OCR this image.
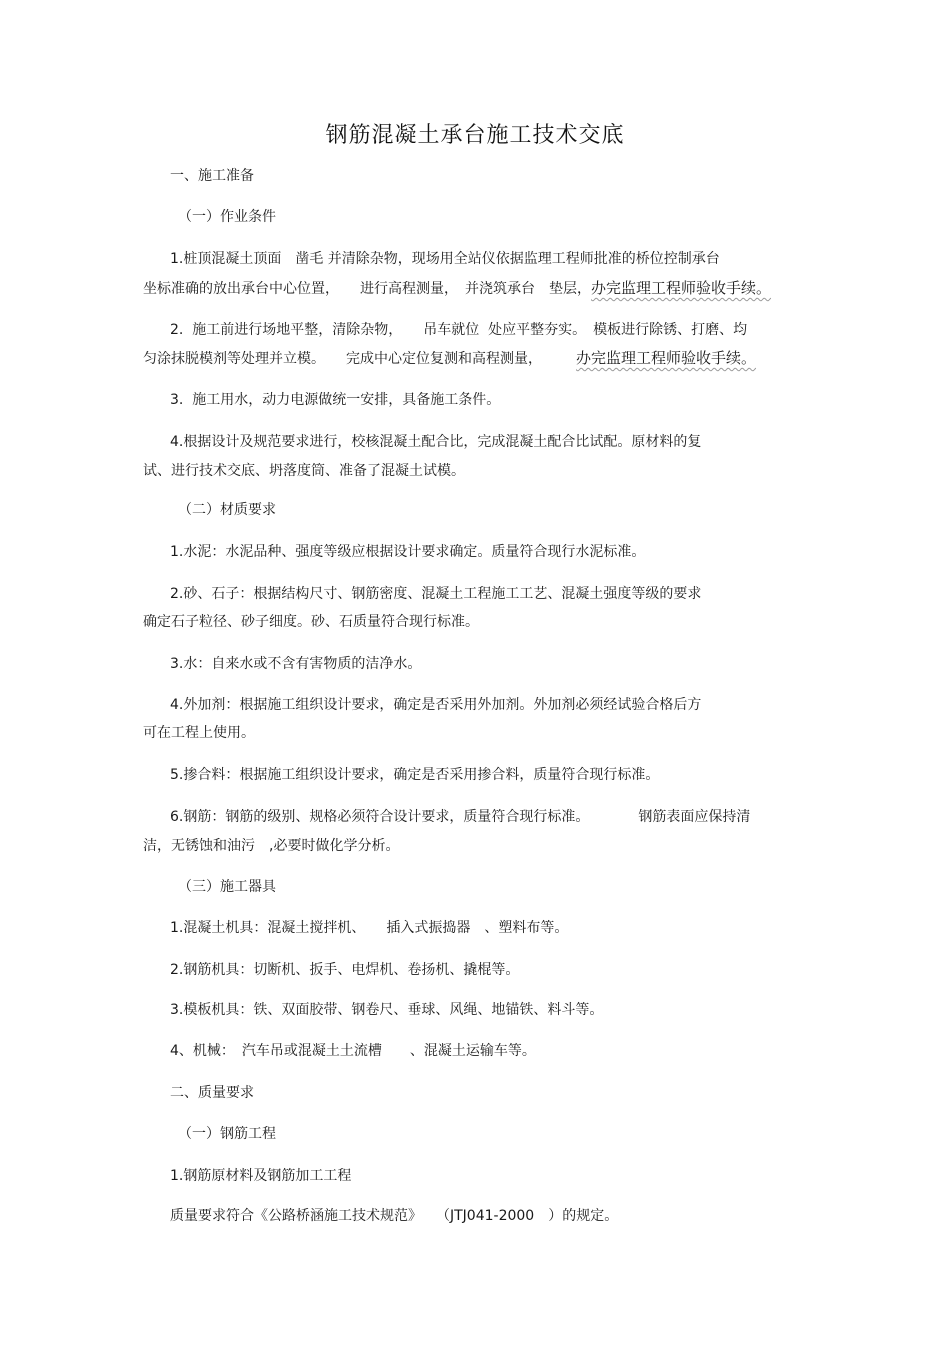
钢筋混凝土承台施工技术交底
一、施工准备
（一）作业条件
1.桩顶混凝土顶面　凿毛 并清除杂物，现场用全站仪依据监理工程师批准的桥位控制承台
坐标准确的放出承台中心位置，　　进行高程测量，　并浇筑承台　垫层，办完监理工程师验收手续。
2.  施工前进行场地平整，清除杂物，　　吊车就位  处应平整夯实。　模板进行除锈、打磨、均
匀涂抹脱模剂等处理并立模。　　完成中心定位复测和高程测量， 办完监理工程师验收手续。
3.  施工用水，动力电源做统一安排，具备施工条件。
4.根据设计及规范要求进行，校核混凝土配合比，完成混凝土配合比试配。原材料的复
试、进行技术交底、坍落度筒、准备了混凝土试模。
（二）材质要求
1.水泥：水泥品种、强度等级应根据设计要求确定。质量符合现行水泥标准。
2.砂、石子：根据结构尺寸、钢筋密度、混凝土工程施工工艺、混凝土强度等级的要求
确定石子粒径、砂子细度。砂、石质量符合现行标准。
3.水：自来水或不含有害物质的洁净水。
4.外加剂：根据施工组织设计要求，确定是否采用外加剂。外加剂必须经试验合格后方
可在工程上使用。
5.掺合料：根据施工组织设计要求，确定是否采用掺合料，质量符合现行标准。
6.钢筋：钢筋的级别、规格必须符合设计要求，质量符合现行标准。　　　　钢筋表面应保持清
洁，无锈蚀和油污　,必要时做化学分析。
（三）施工器具
1.混凝土机具：混凝土搅拌机、　　插入式振捣器　、塑料布等。
2.钢筋机具：切断机、扳手、电焊机、卷扬机、撬棍等。
3.模板机具：铁、双面胶带、钢卷尺、垂球、风绳、地锚铁、料斗等。
4、机械：　汽车吊或混凝土土流槽　　、混凝土运输车等。
二、质量要求
（一）钢筋工程
1.钢筋原材料及钢筋加工工程
质量要求符合《公路桥涵施工技术规范》　　（JTJ041-2000　）的规定。
